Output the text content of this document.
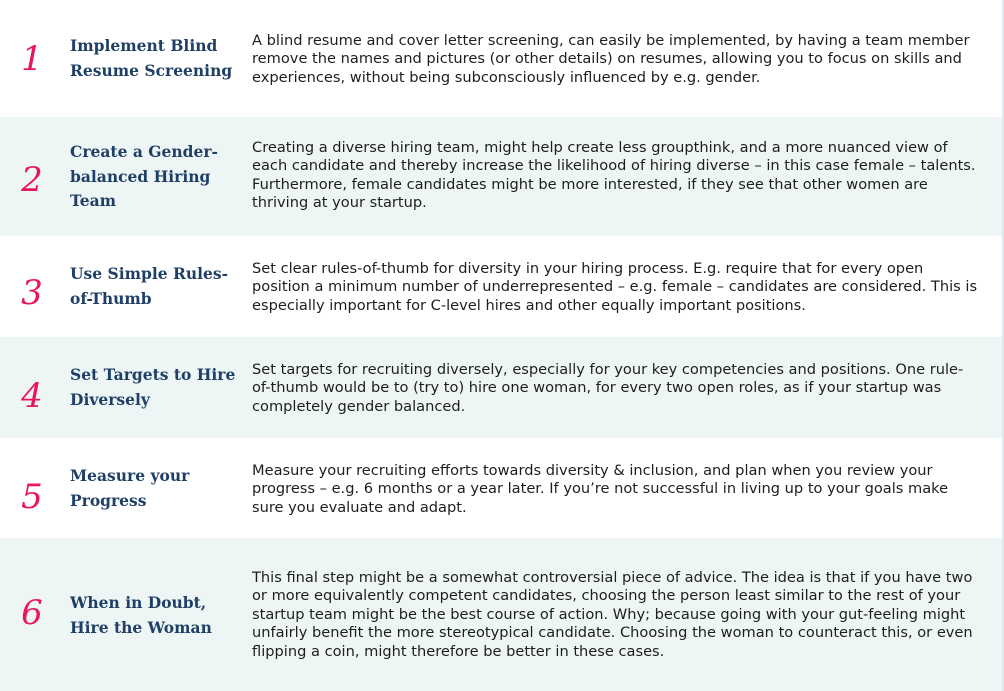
1 Implement Blind Resume Screening
A blind resume and cover letter screening, can easily be implemented, by having a team member remove the names and pictures (or other details) on resumes, allowing you to focus on skills and experiences, without being subconsciously influenced by e.g. gender.
2
Create a Gender-balanced Hiring Team
Creating a diverse hiring team, might help create less groupthink, and a more nuanced view of each candidate and thereby increase the likelihood of hiring diverse – in this case female – talents. Furthermore, female candidates might be more interested, if they see that other women are thriving at your startup.
3 Use Simple Rules-of-Thumb
Set clear rules-of-thumb for diversity in your hiring process. E.g. require that for every open position a minimum number of underrepresented – e.g. female – candidates are considered. This is especially important for C-level hires and other equally important positions.
4
Set Targets to Hire Diversely
Set targets for recruiting diversely, especially for your key competencies and positions. One rule-of-thumb would be to (try to) hire one woman, for every two open roles, as if your startup was completely gender balanced.
5
Measure your Progress
Measure your recruiting efforts towards diversity & inclusion, and plan when you review your progress – e.g. 6 months or a year later. If you’re not successful in living up to your goals make sure you evaluate and adapt.
6 When in Doubt, Hire the Woman
This final step might be a somewhat controversial piece of advice. The idea is that if you have two or more equivalently competent candidates, choosing the person least similar to the rest of your startup team might be the best course of action. Why; because going with your gut-feeling might unfairly benefit the more stereotypical candidate. Choosing the woman to counteract this, or even flipping a coin, might therefore be better in these cases.
